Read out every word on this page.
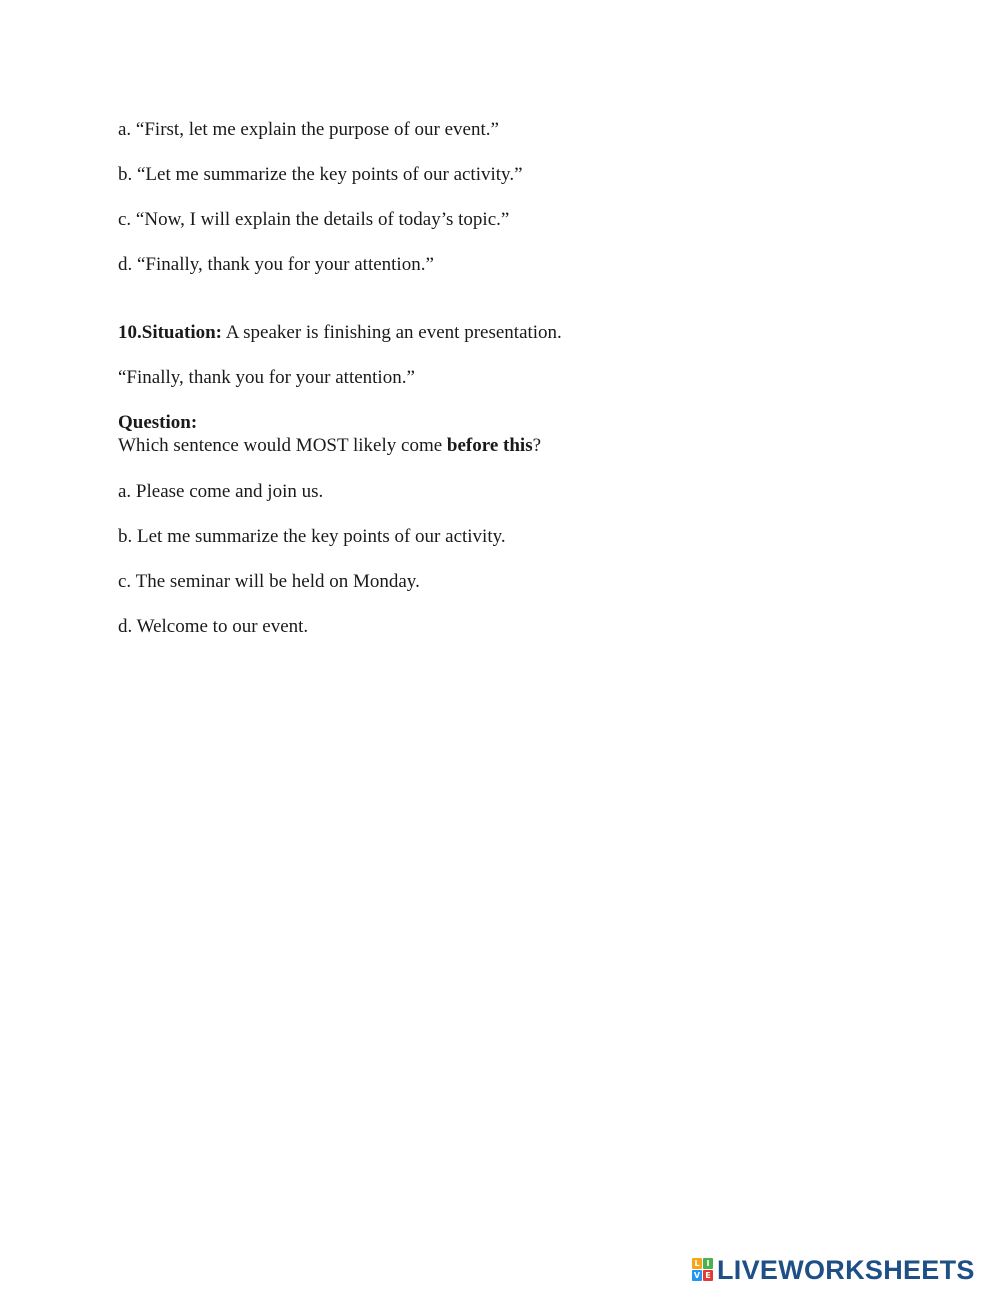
a. “First, let me explain the purpose of our event.”
b. “Let me summarize the key points of our activity.”
c. “Now, I will explain the details of today’s topic.”
d. “Finally, thank you for your attention.”
10.Situation: A speaker is finishing an event presentation.
“Finally, thank you for your attention.”
Question:
Which sentence would MOST likely come before this?
a. Please come and join us.
b. Let me summarize the key points of our activity.
c. The seminar will be held on Monday.
d. Welcome to our event.
L I
V E LIVEWORKSHEETS
